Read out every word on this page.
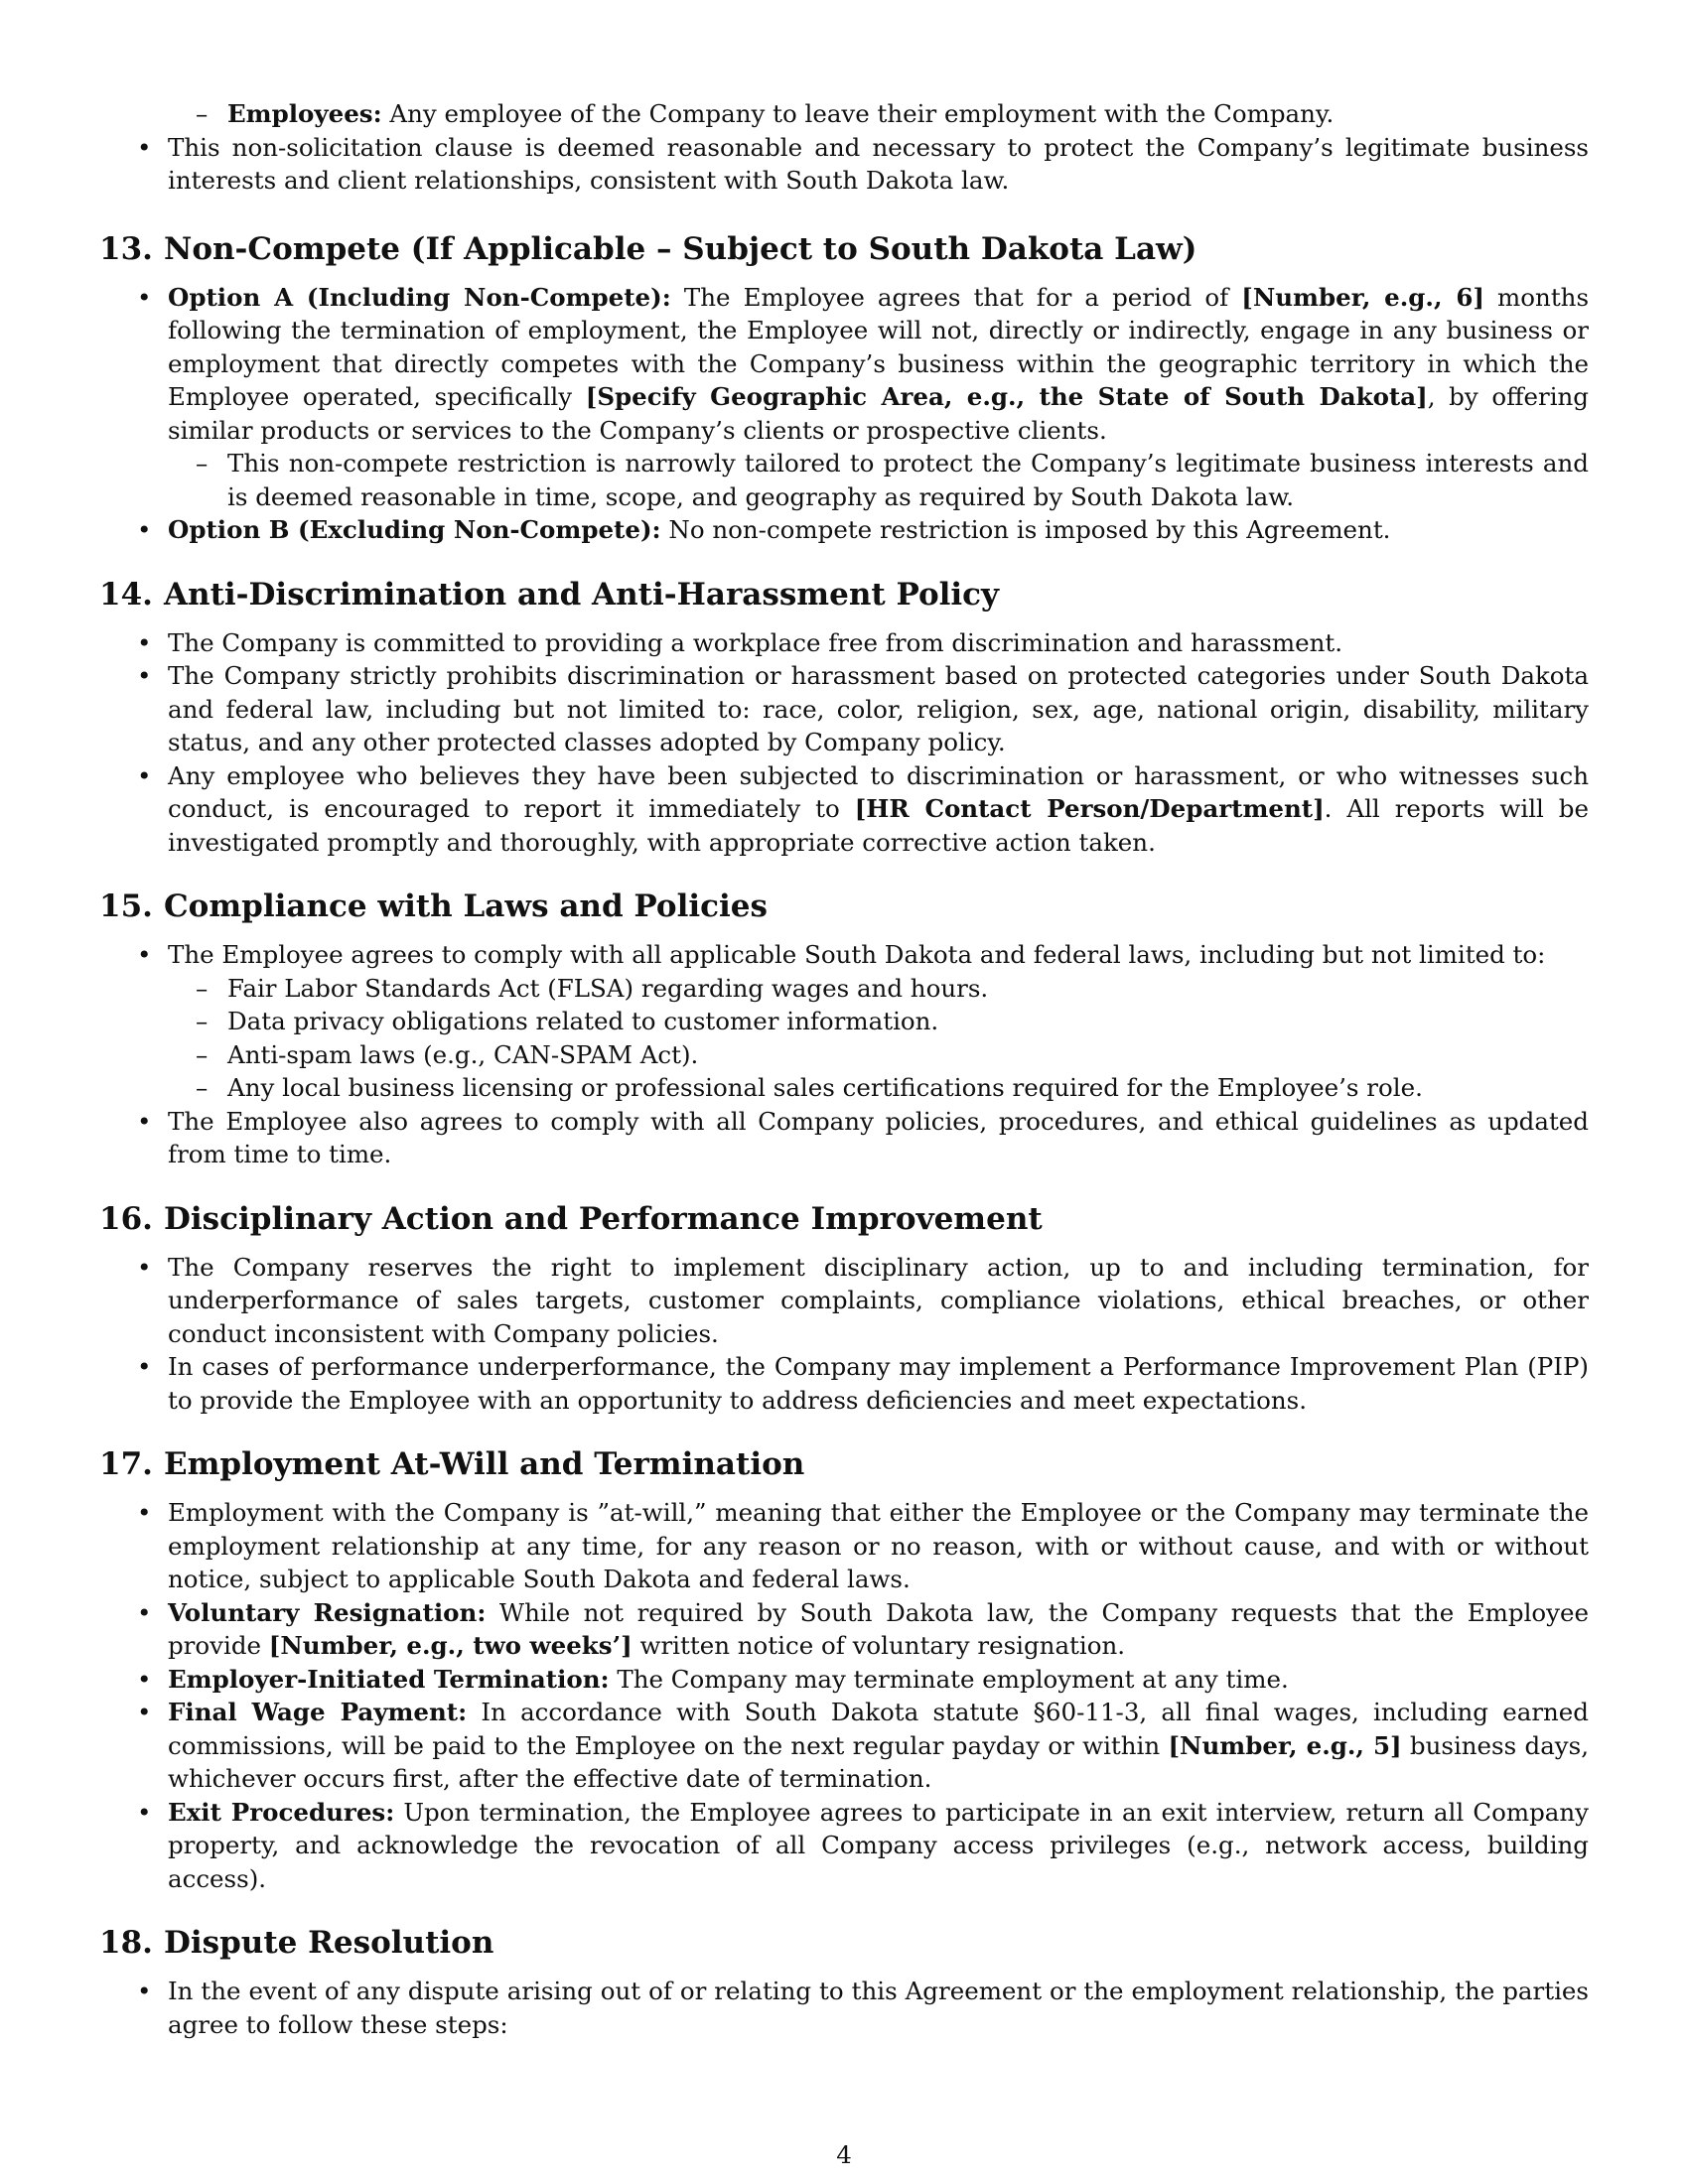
– Employees: Any employee of the Company to leave their employment with the Company.
• This non-solicitation clause is deemed reasonable and necessary to protect the Company’s legitimate business interests and client relationships, consistent with South Dakota law.
13. Non-Compete (If Applicable – Subject to South Dakota Law)
• Option A (Including Non-Compete): The Employee agrees that for a period of [Number, e.g., 6] months following the termination of employment, the Employee will not, directly or indirectly, engage in any business or employment that directly competes with the Company’s business within the geographic territory in which the Employee operated, specifically [Specify Geographic Area, e.g., the State of South Dakota], by offering similar products or services to the Company’s clients or prospective clients.
– This non-compete restriction is narrowly tailored to protect the Company’s legitimate business interests and is deemed reasonable in time, scope, and geography as required by South Dakota law.
• Option B (Excluding Non-Compete): No non-compete restriction is imposed by this Agreement.
14. Anti-Discrimination and Anti-Harassment Policy
• The Company is committed to providing a workplace free from discrimination and harassment.
• The Company strictly prohibits discrimination or harassment based on protected categories under South Dakota and federal law, including but not limited to: race, color, religion, sex, age, national origin, disability, military status, and any other protected classes adopted by Company policy.
• Any employee who believes they have been subjected to discrimination or harassment, or who witnesses such conduct, is encouraged to report it immediately to [HR Contact Person/Department]. All reports will be investigated promptly and thoroughly, with appropriate corrective action taken.
15. Compliance with Laws and Policies
• The Employee agrees to comply with all applicable South Dakota and federal laws, including but not limited to:
– Fair Labor Standards Act (FLSA) regarding wages and hours.
– Data privacy obligations related to customer information.
– Anti-spam laws (e.g., CAN-SPAM Act).
– Any local business licensing or professional sales certifications required for the Employee’s role.
• The Employee also agrees to comply with all Company policies, procedures, and ethical guidelines as updated from time to time.
16. Disciplinary Action and Performance Improvement
• The Company reserves the right to implement disciplinary action, up to and including termination, for underperformance of sales targets, customer complaints, compliance violations, ethical breaches, or other conduct inconsistent with Company policies.
• In cases of performance underperformance, the Company may implement a Performance Improvement Plan (PIP) to provide the Employee with an opportunity to address deficiencies and meet expectations.
17. Employment At-Will and Termination
• Employment with the Company is ”at-will,” meaning that either the Employee or the Company may terminate the employment relationship at any time, for any reason or no reason, with or without cause, and with or without notice, subject to applicable South Dakota and federal laws.
• Voluntary Resignation: While not required by South Dakota law, the Company requests that the Employee provide [Number, e.g., two weeks’] written notice of voluntary resignation.
• Employer-Initiated Termination: The Company may terminate employment at any time.
• Final Wage Payment: In accordance with South Dakota statute §60-11-3, all final wages, including earned commissions, will be paid to the Employee on the next regular payday or within [Number, e.g., 5] business days, whichever occurs first, after the effective date of termination.
• Exit Procedures: Upon termination, the Employee agrees to participate in an exit interview, return all Company property, and acknowledge the revocation of all Company access privileges (e.g., network access, building access).
18. Dispute Resolution
• In the event of any dispute arising out of or relating to this Agreement or the employment relationship, the parties agree to follow these steps:
4
